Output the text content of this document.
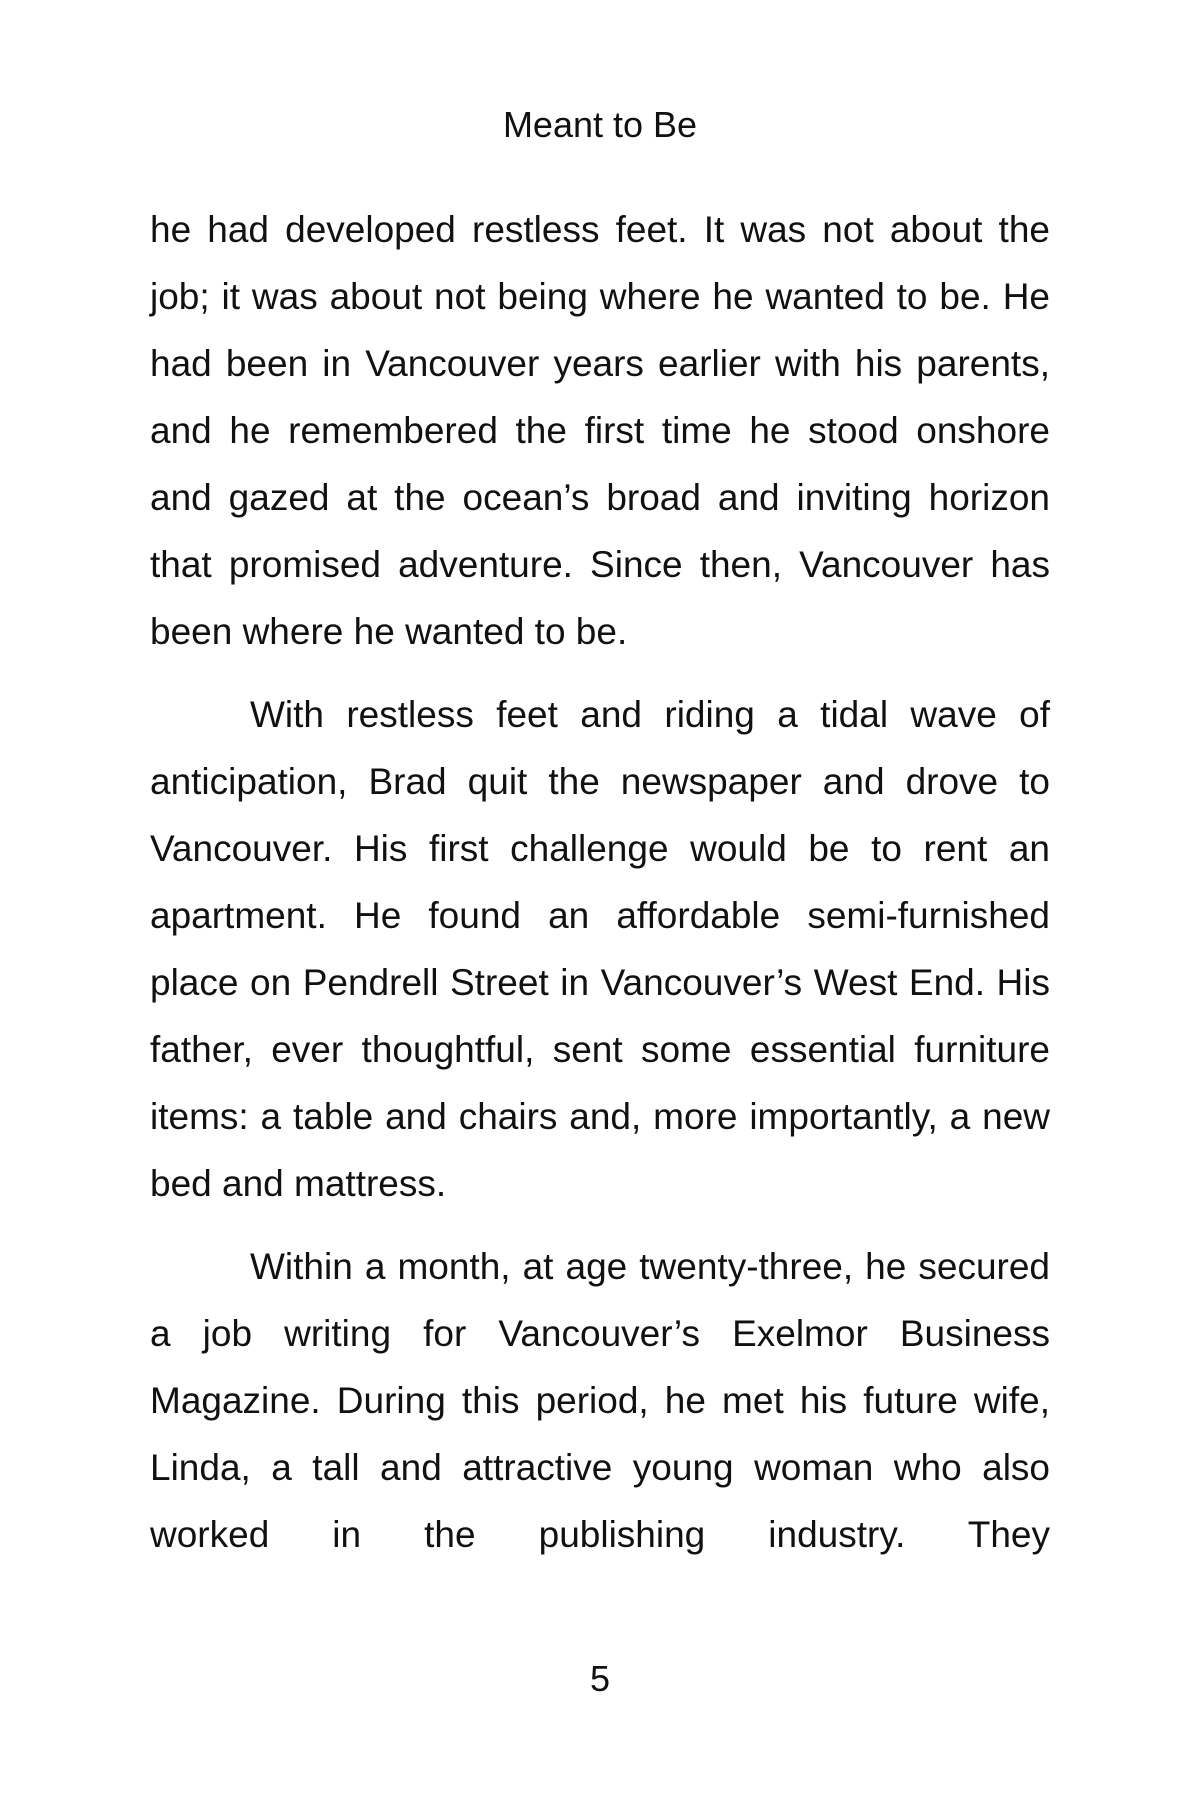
Meant to Be

he had developed restless feet. It was not about the job; it was about not being where he wanted to be. He had been in Vancouver years earlier with his parents, and he remembered the first time he stood onshore and gazed at the ocean’s broad and inviting horizon that promised adventure. Since then, Vancouver has been where he wanted to be.

With restless feet and riding a tidal wave of anticipation, Brad quit the newspaper and drove to Vancouver. His first challenge would be to rent an apartment. He found an affordable semi-furnished place on Pendrell Street in Vancouver’s West End. His father, ever thoughtful, sent some essential furniture items: a table and chairs and, more importantly, a new bed and mattress.

Within a month, at age twenty-three, he secured a job writing for Vancouver’s Exelmor Business Magazine. During this period, he met his future wife, Linda, a tall and attractive young woman who also worked in the publishing industry. They

5
